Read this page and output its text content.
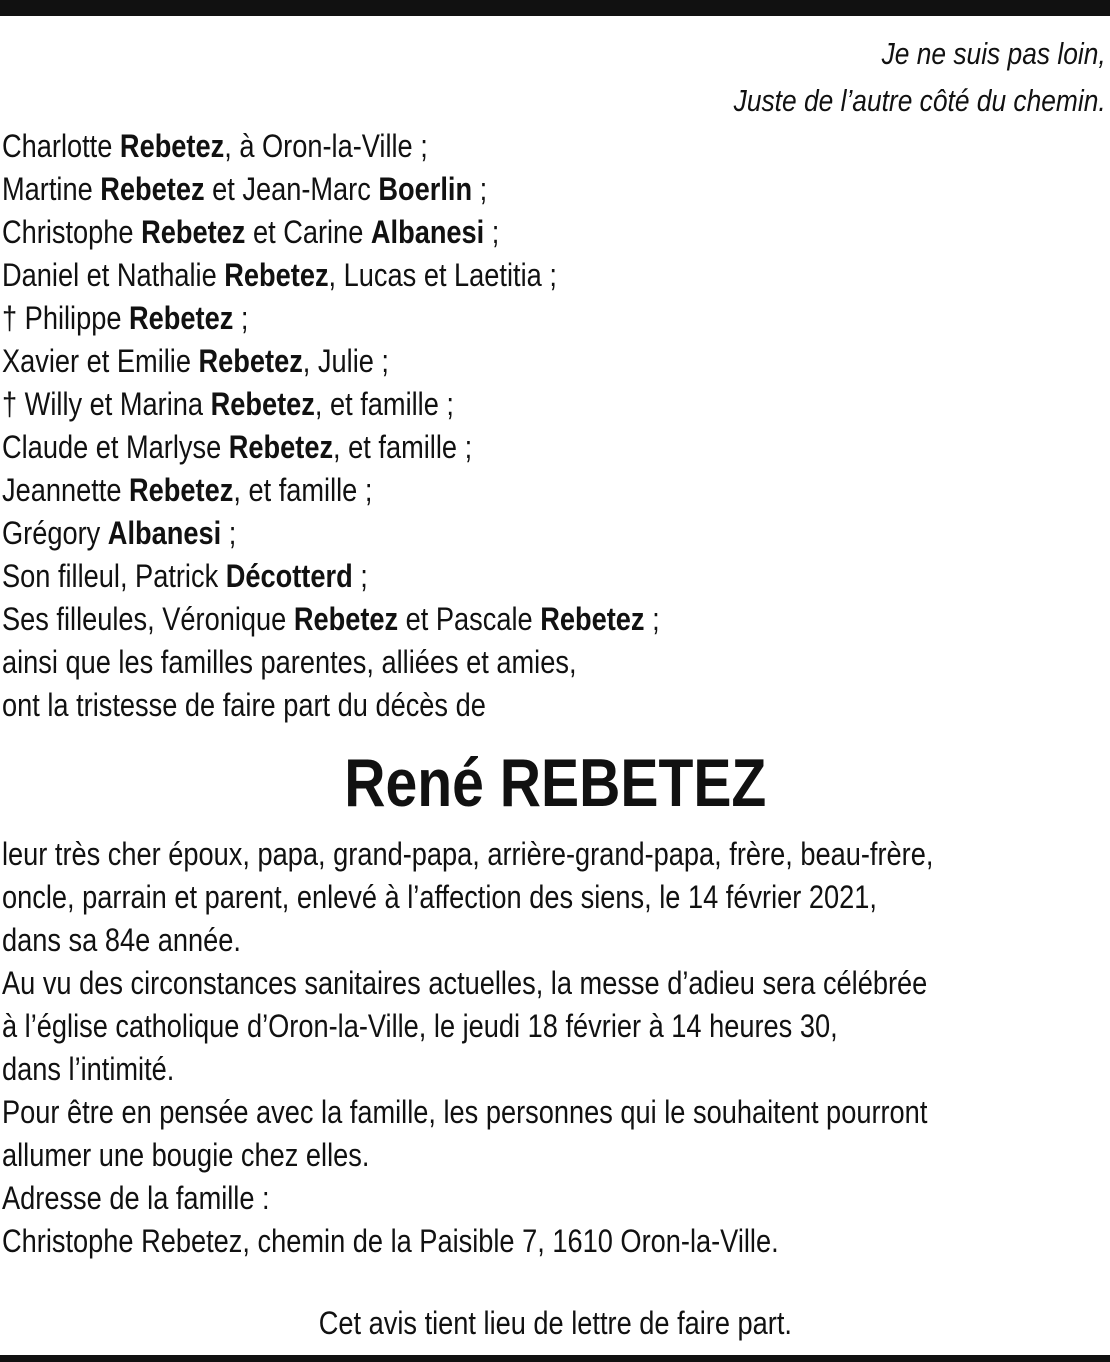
Je ne suis pas loin,
Juste de l’autre côté du chemin.
Charlotte Rebetez, à Oron-la-Ville ;
Martine Rebetez et Jean-Marc Boerlin ;
Christophe Rebetez et Carine Albanesi ;
Daniel et Nathalie Rebetez, Lucas et Laetitia ;
† Philippe Rebetez ;
Xavier et Emilie Rebetez, Julie ;
† Willy et Marina Rebetez, et famille ;
Claude et Marlyse Rebetez, et famille ;
Jeannette Rebetez, et famille ;
Grégory Albanesi ;
Son filleul, Patrick Décotterd ;
Ses filleules, Véronique Rebetez et Pascale Rebetez ;
ainsi que les familles parentes, alliées et amies,
ont la tristesse de faire part du décès de
René REBETEZ
leur très cher époux, papa, grand-papa, arrière-grand-papa, frère, beau-frère,
oncle, parrain et parent, enlevé à l’affection des siens, le 14 février 2021,
dans sa 84e année.
Au vu des circonstances sanitaires actuelles, la messe d’adieu sera célébrée
à l’église catholique d’Oron-la-Ville, le jeudi 18 février à 14 heures 30,
dans l’intimité.
Pour être en pensée avec la famille, les personnes qui le souhaitent pourront
allumer une bougie chez elles.
Adresse de la famille :
Christophe Rebetez, chemin de la Paisible 7, 1610 Oron-la-Ville.
Cet avis tient lieu de lettre de faire part.
